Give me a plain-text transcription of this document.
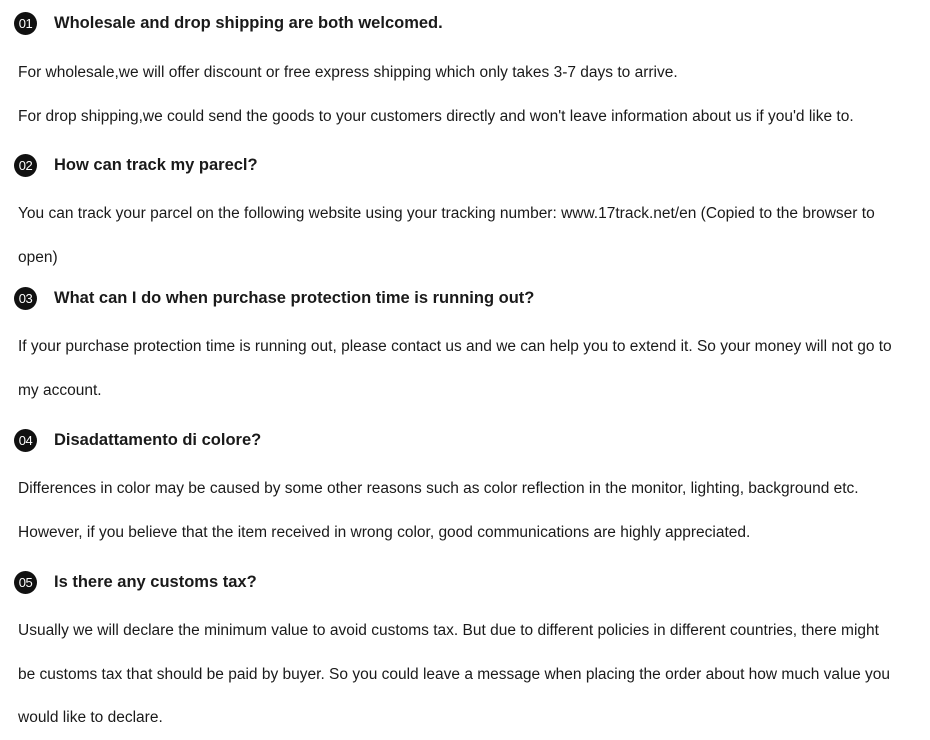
01 Wholesale and drop shipping are both welcomed.

For wholesale,we will offer discount or free express shipping which only takes 3-7 days to arrive.

For drop shipping,we could send the goods to your customers directly and won't leave information about us if you'd like to.

02 How can track my parecl?

You can track your parcel on the following website using your tracking number: www.17track.net/en (Copied to the browser to

open)

03 What can I do when purchase protection time is running out?

If your purchase protection time is running out, please contact us and we can help you to extend it. So your money will not go to

my account.

04 Disadattamento di colore?

Differences in color may be caused by some other reasons such as color reflection in the monitor, lighting, background etc.

However, if you believe that the item received in wrong color, good communications are highly appreciated.

05 Is there any customs tax?

Usually we will declare the minimum value to avoid customs tax. But due to different policies in different countries, there might

be customs tax that should be paid by buyer. So you could leave a message when placing the order about how much value you

would like to declare.
